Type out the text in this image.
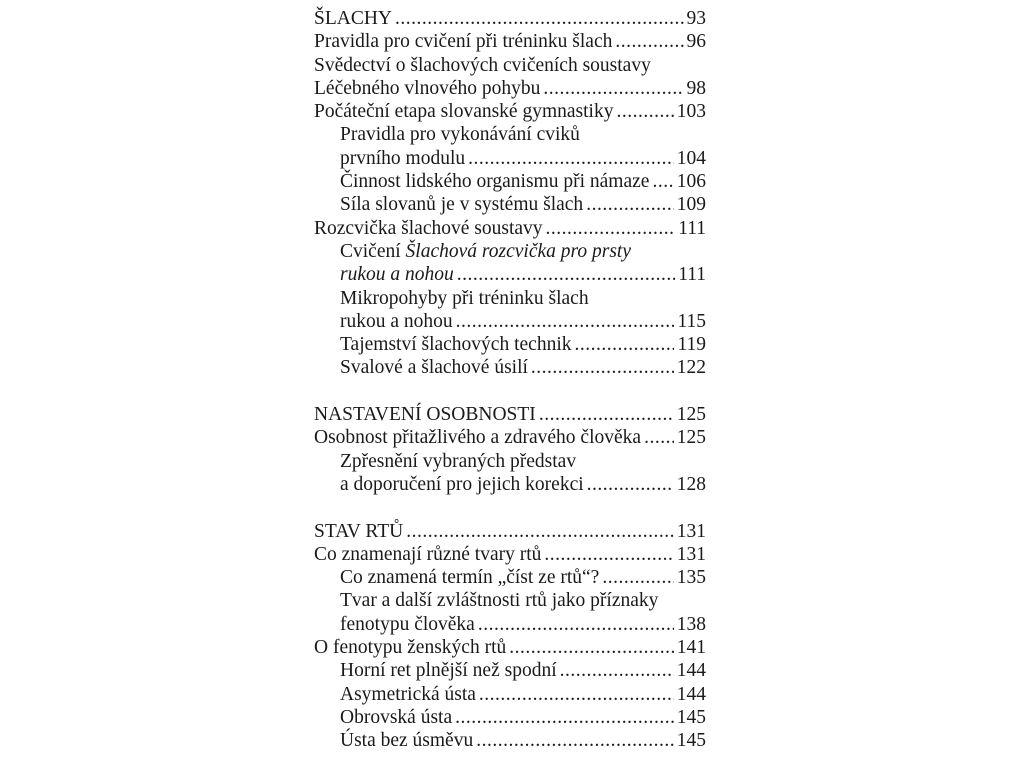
ŠLACHY .....	93
Pravidla pro cvičení při tréninku šlach .....	96
Svědectví o šlachových cvičeních soustavy
Léčebného vlnového pohybu .....	98
Počáteční etapa slovanské gymnastiky .....	103
Pravidla pro vykonávání cviků
prvního modulu .....	104
Činnost lidského organismu při námaze ..... 106
Síla slovanů je v systému šlach .....	109
Rozcvička šlachové soustavy .....	111
Cvičení Šlachová rozcvička pro prsty
rukou a nohou .....	111
Mikropohyby při tréninku šlach
rukou a nohou .....	115
Tajemství šlachových technik .....	119
Svalové a šlachové úsilí .....	122
NASTAVENÍ OSOBNOSTI .....	125
Osobnost přitažlivého a zdravého člověka ..... 125
Zpřesnění vybraných představ
a doporučení pro jejich korekci .....	128
STAV RTŮ .....	131
Co znamenají různé tvary rtů .....	131
Co znamená termín „číst ze rtů“? .....	135
Tvar a další zvláštnosti rtů jako příznaky
fenotypu člověka .....	138
O fenotypu ženských rtů .....	141
Horní ret plnější než spodní .....	144
Asymetrická ústa .....	144
Obrovská ústa .....	145
Ústa bez úsměvu .....	145
